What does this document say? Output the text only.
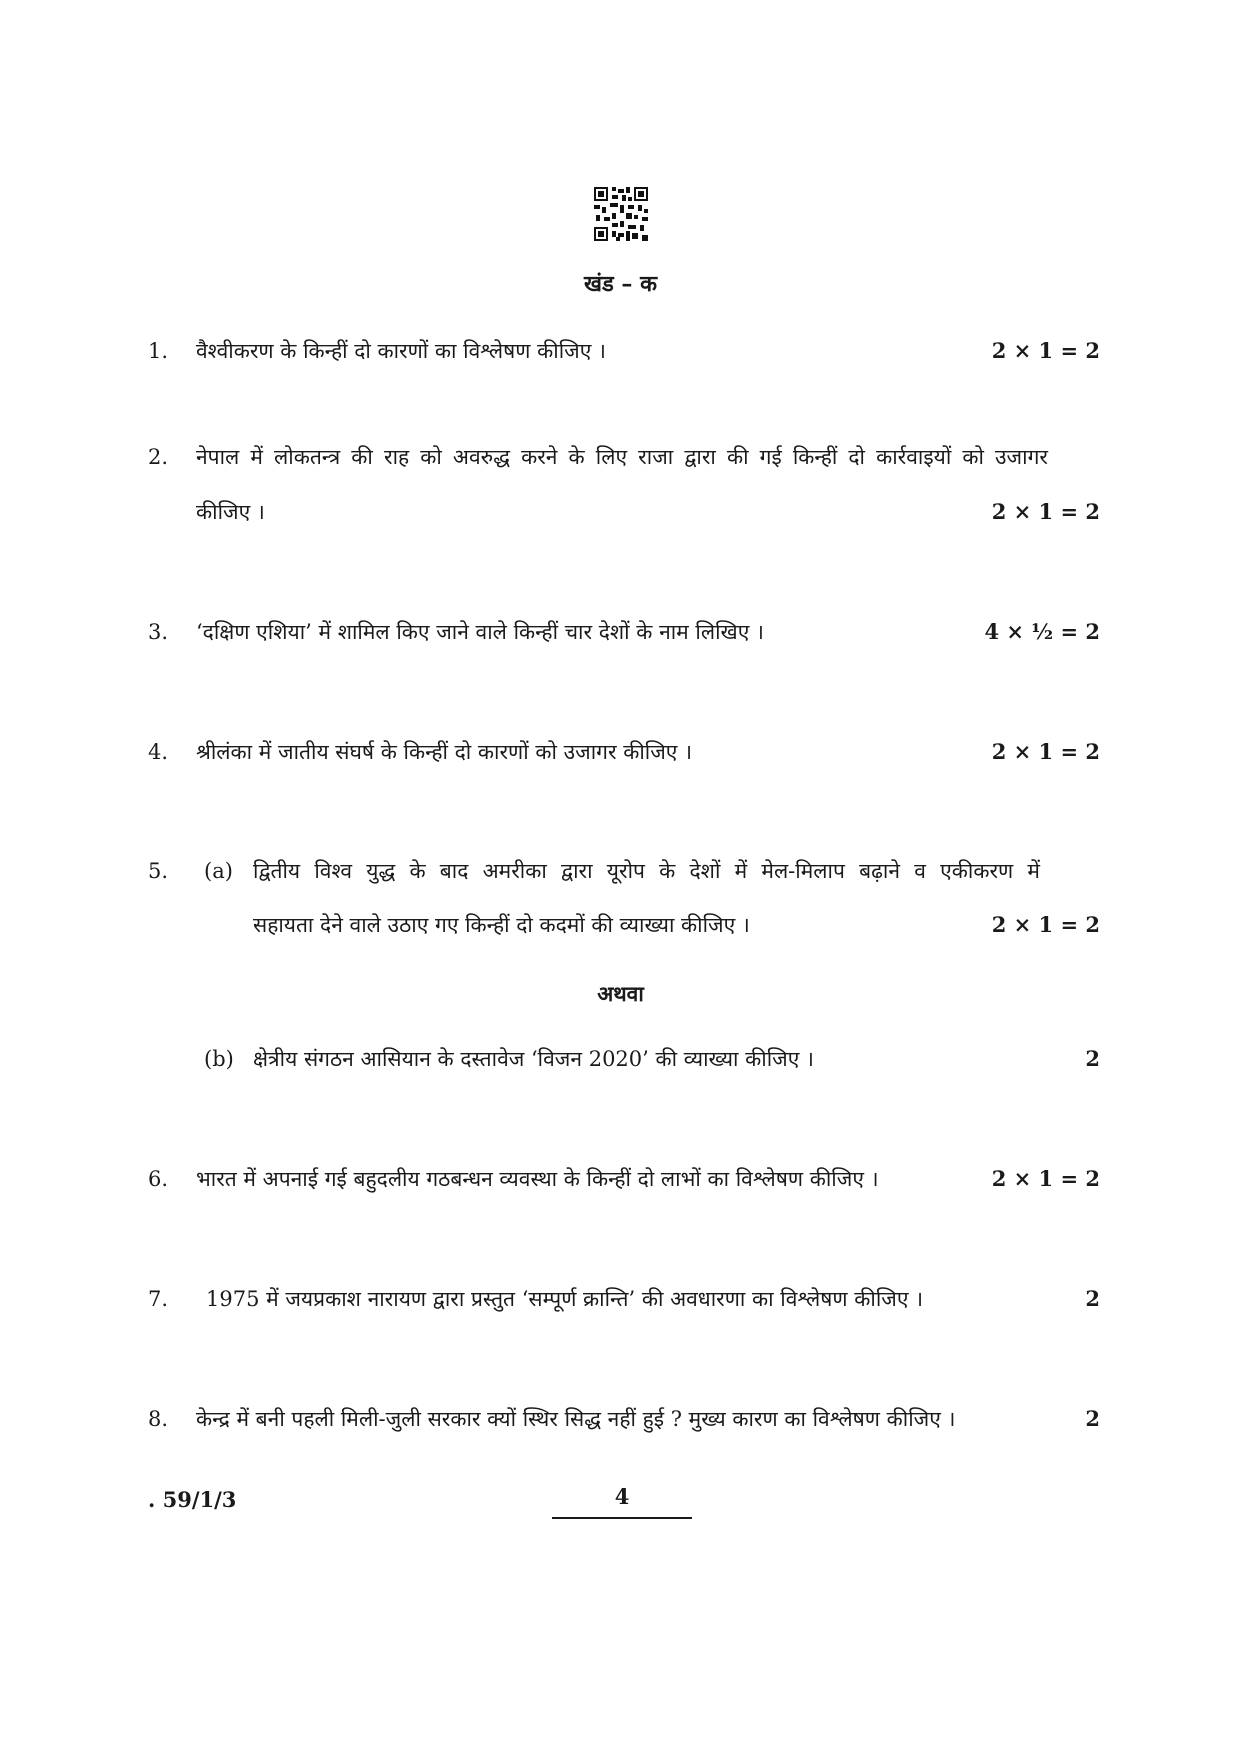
खंड – क
1. वैश्वीकरण के किन्हीं दो कारणों का विश्लेषण कीजिए ।	2 × 1 = 2
2. नेपाल में लोकतन्त्र की राह को अवरुद्ध करने के लिए राजा द्वारा की गई किन्हीं दो कार्रवाइयों को उजागर
कीजिए ।	2 × 1 = 2
3. ‘दक्षिण एशिया’ में शामिल किए जाने वाले किन्हीं चार देशों के नाम लिखिए ।	4 × ½ = 2
4. श्रीलंका में जातीय संघर्ष के किन्हीं दो कारणों को उजागर कीजिए ।	2 × 1 = 2
5. (a) द्वितीय विश्व युद्ध के बाद अमरीका द्वारा यूरोप के देशों में मेल-मिलाप बढ़ाने व एकीकरण में
सहायता देने वाले उठाए गए किन्हीं दो कदमों की व्याख्या कीजिए ।	2 × 1 = 2
अथवा
(b) क्षेत्रीय संगठन आसियान के दस्तावेज ‘विजन 2020’ की व्याख्या कीजिए ।	2
6. भारत में अपनाई गई बहुदलीय गठबन्धन व्यवस्था के किन्हीं दो लाभों का विश्लेषण कीजिए ।	2 × 1 = 2
7. 1975 में जयप्रकाश नारायण द्वारा प्रस्तुत ‘सम्पूर्ण क्रान्ति’ की अवधारणा का विश्लेषण कीजिए ।	2
8. केन्द्र में बनी पहली मिली-जुली सरकार क्यों स्थिर सिद्ध नहीं हुई ? मुख्य कारण का विश्लेषण कीजिए ।	2
. 59/1/3	4
